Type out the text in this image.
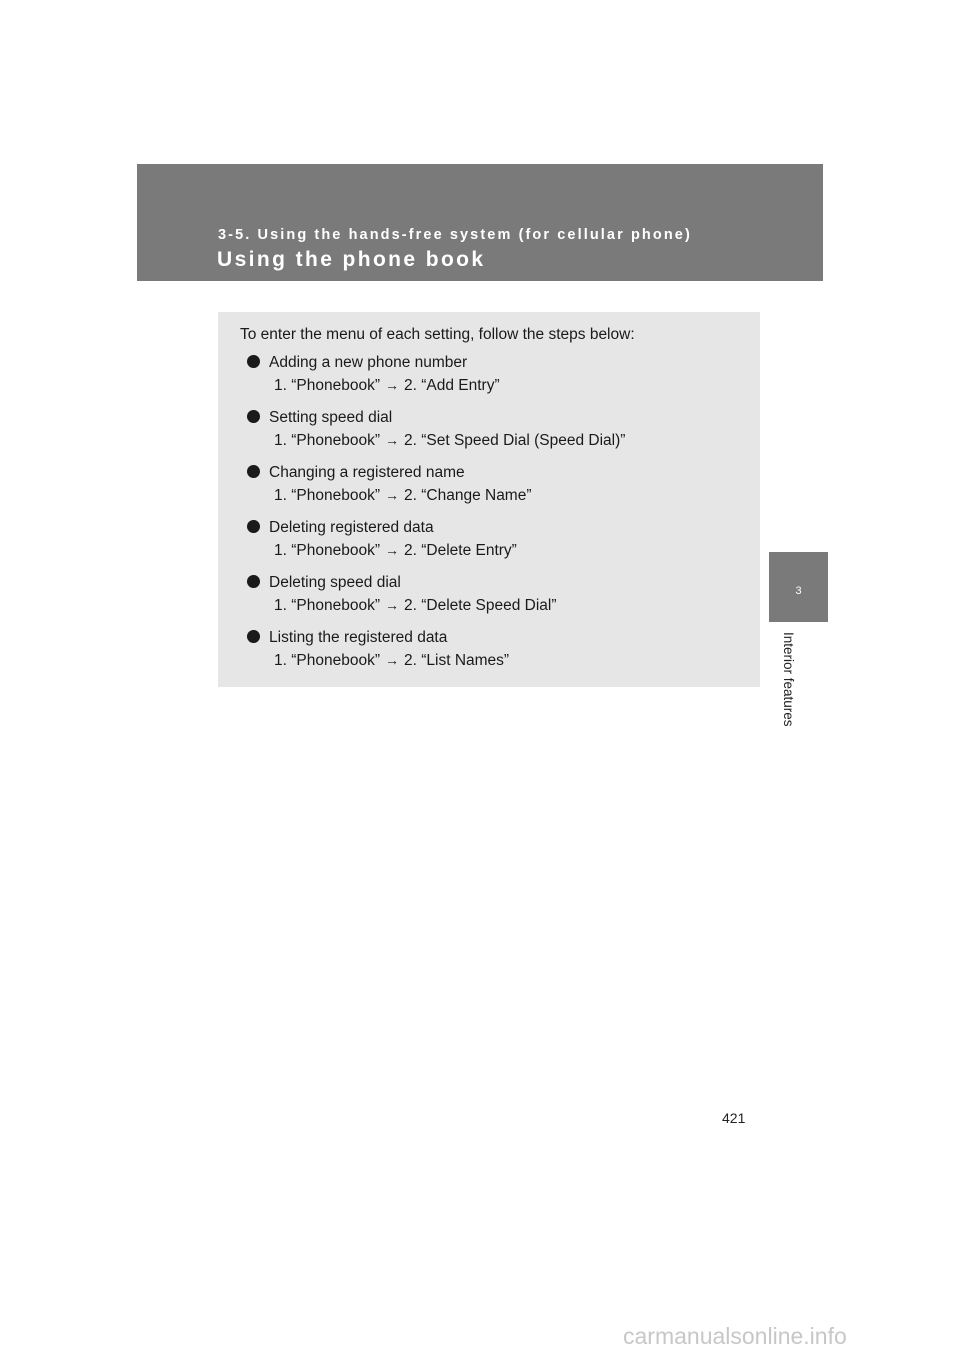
3-5. Using the hands-free system (for cellular phone)
Using the phone book
3
Interior features
To enter the menu of each setting, follow the steps below:
Adding a new phone number
1. “Phonebook” → 2. “Add Entry”
Setting speed dial
1. “Phonebook” → 2. “Set Speed Dial (Speed Dial)”
Changing a registered name
1. “Phonebook” → 2. “Change Name”
Deleting registered data
1. “Phonebook” → 2. “Delete Entry”
Deleting speed dial
1. “Phonebook” → 2. “Delete Speed Dial”
Listing the registered data
1. “Phonebook” → 2. “List Names”
421
carmanualsonline.info
